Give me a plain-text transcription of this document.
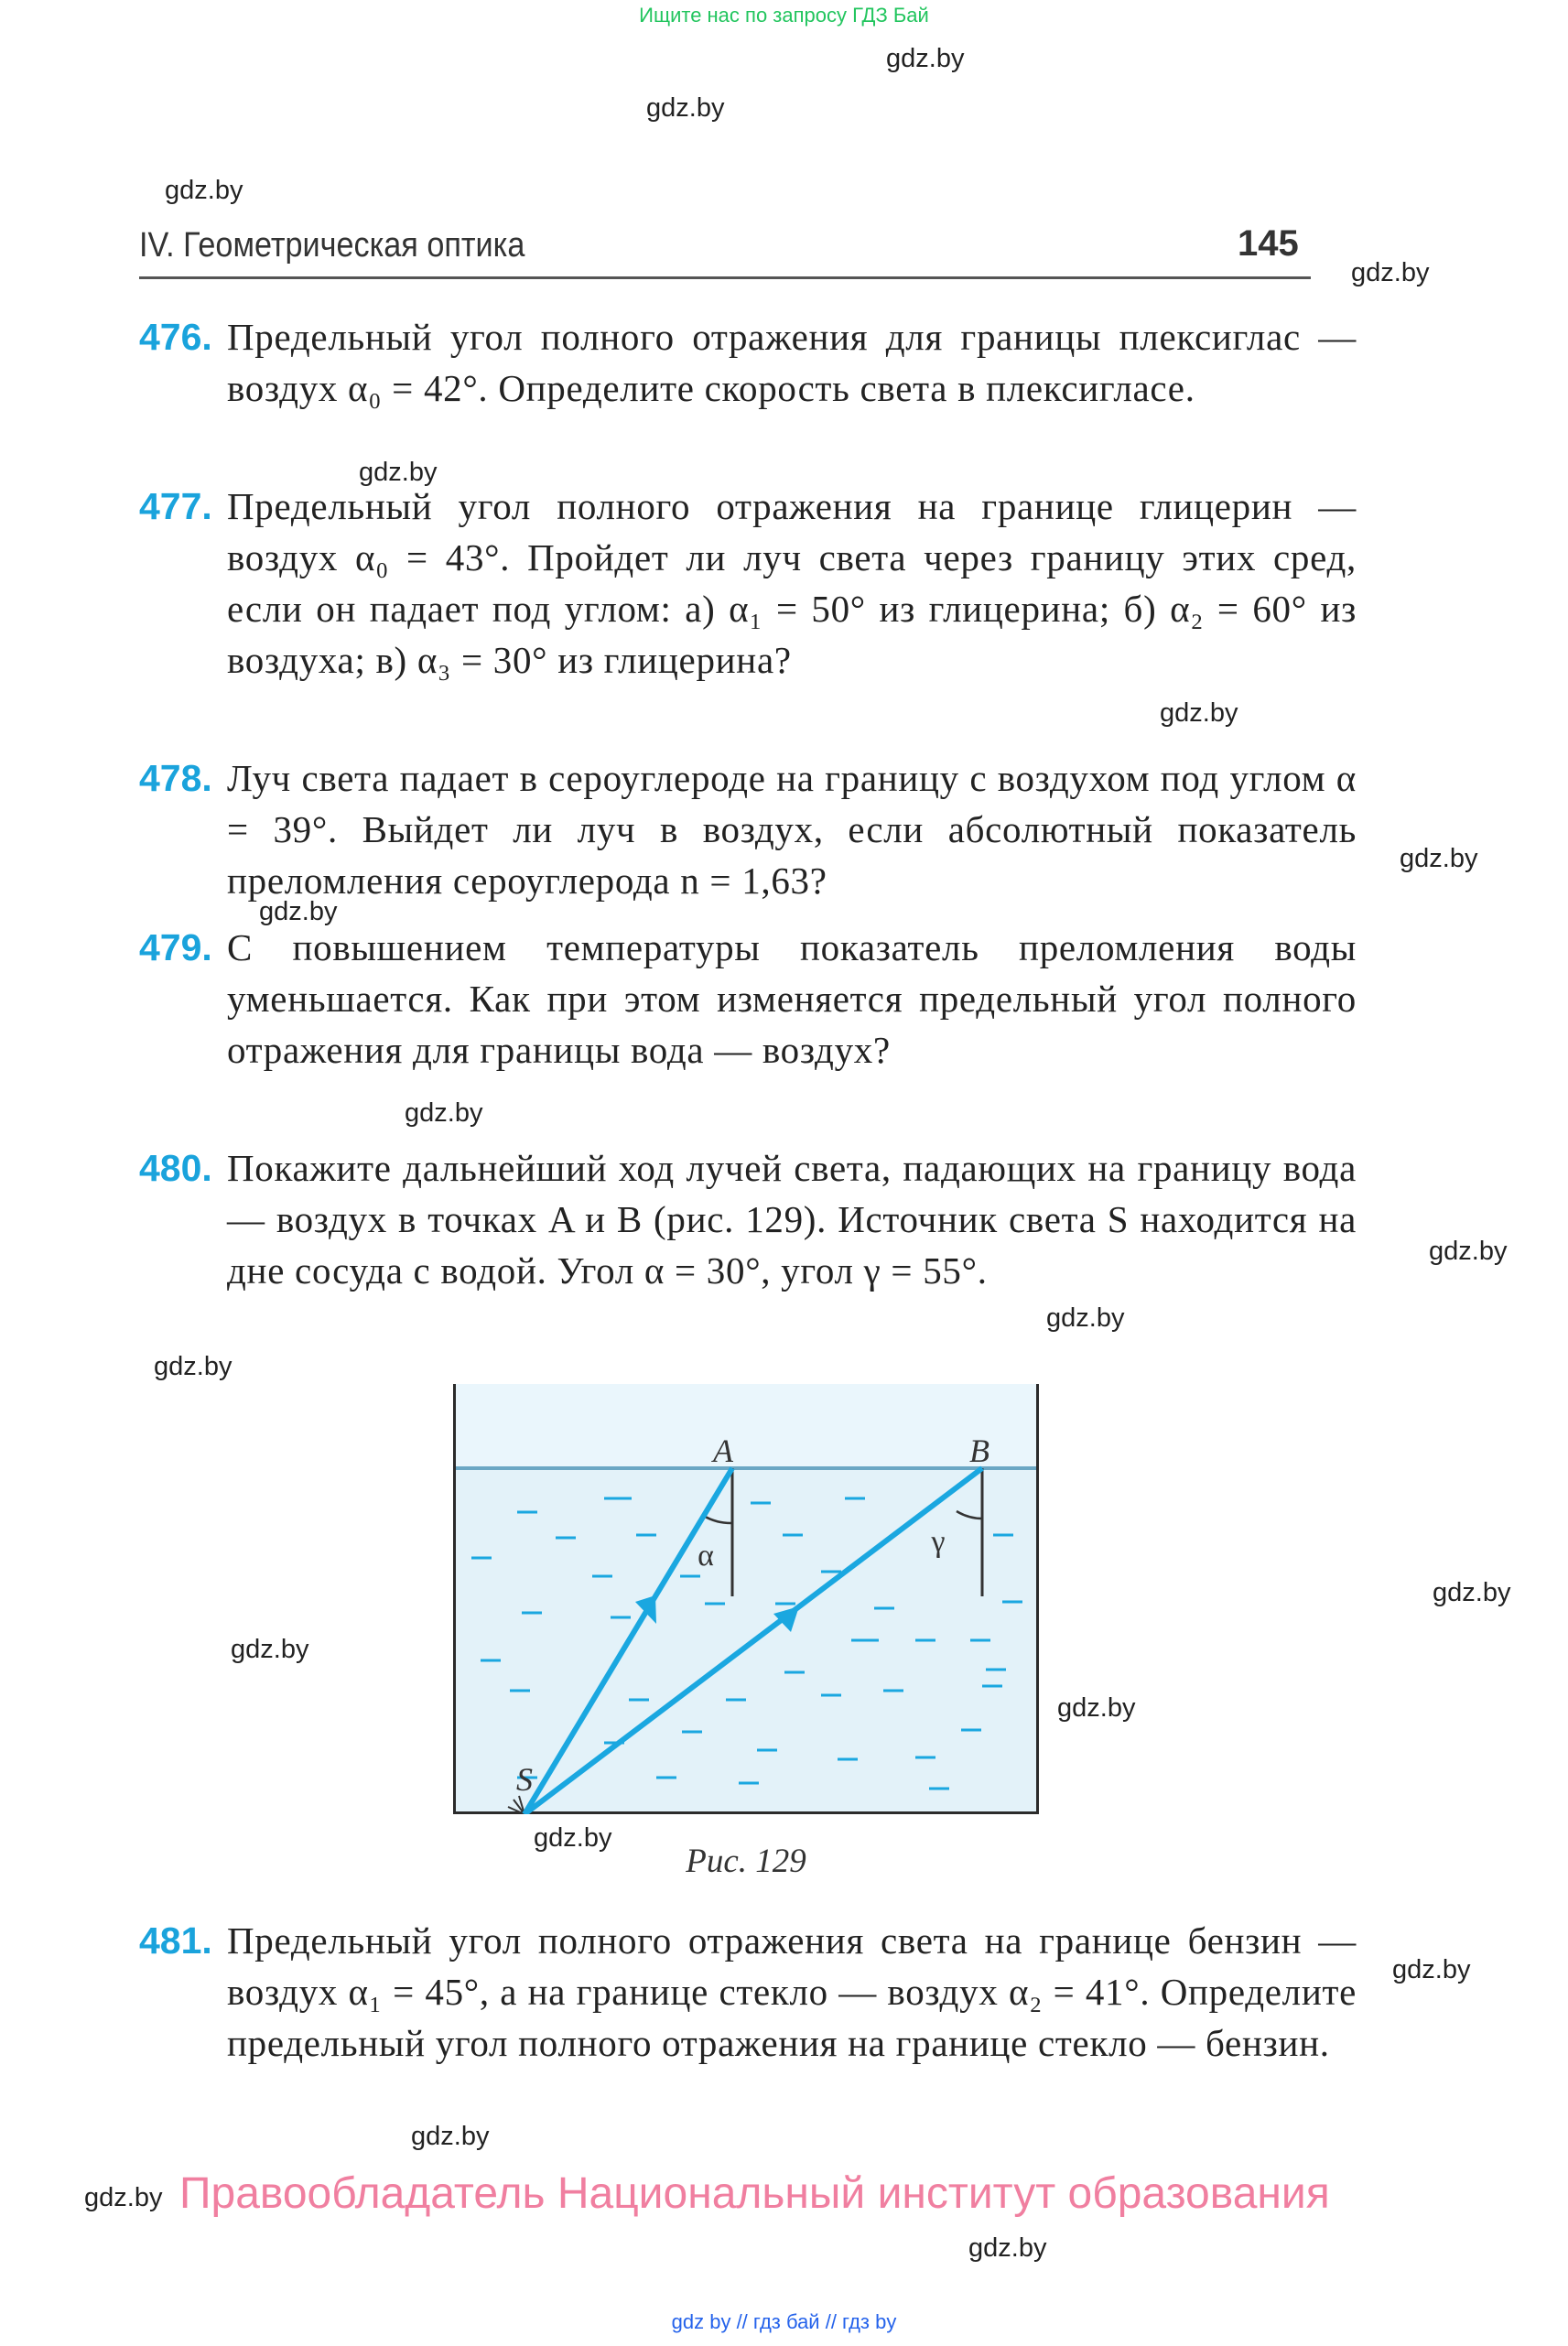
Ищите нас по запросу ГДЗ Бай
gdz.by
gdz.by
gdz.by
gdz.by
gdz.by
gdz.by
gdz.by
gdz.by
gdz.by
gdz.by
gdz.by
gdz.by
gdz.by
gdz.by
gdz.by
gdz.by
gdz.by
gdz.by
gdz.by
gdz.by
IV. Геометрическая оптика	145
476. Предельный угол полного отражения для границы плексиглас — воздух α₀ = 42°. Определите скорость света в плексигласе.
477. Предельный угол полного отражения на границе глицерин — воздух α₀ = 43°. Пройдет ли луч света через границу этих сред, если он падает под углом: а) α₁ = 50° из глицерина; б) α₂ = 60° из воздуха; в) α₃ = 30° из глицерина?
478. Луч света падает в сероуглероде на границу с воздухом под углом α = 39°. Выйдет ли луч в воздух, если абсолютный показатель преломления сероуглерода n = 1,63?
479. С повышением температуры показатель преломления воды уменьшается. Как при этом изменяется предельный угол полного отражения для границы вода — воздух?
480. Покажите дальнейший ход лучей света, падающих на границу вода — воздух в точках A и B (рис. 129). Источник света S находится на дне сосуда с водой. Угол α = 30°, угол γ = 55°.
A	B
S
α	γ
Рис. 129
481. Предельный угол полного отражения света на границе бензин — воздух α₁ = 45°, а на границе стекло — воздух α₂ = 41°. Определите предельный угол полного отражения на границе стекло — бензин.
Правообладатель Национальный институт образования
gdz by // гдз бай // гдз by
